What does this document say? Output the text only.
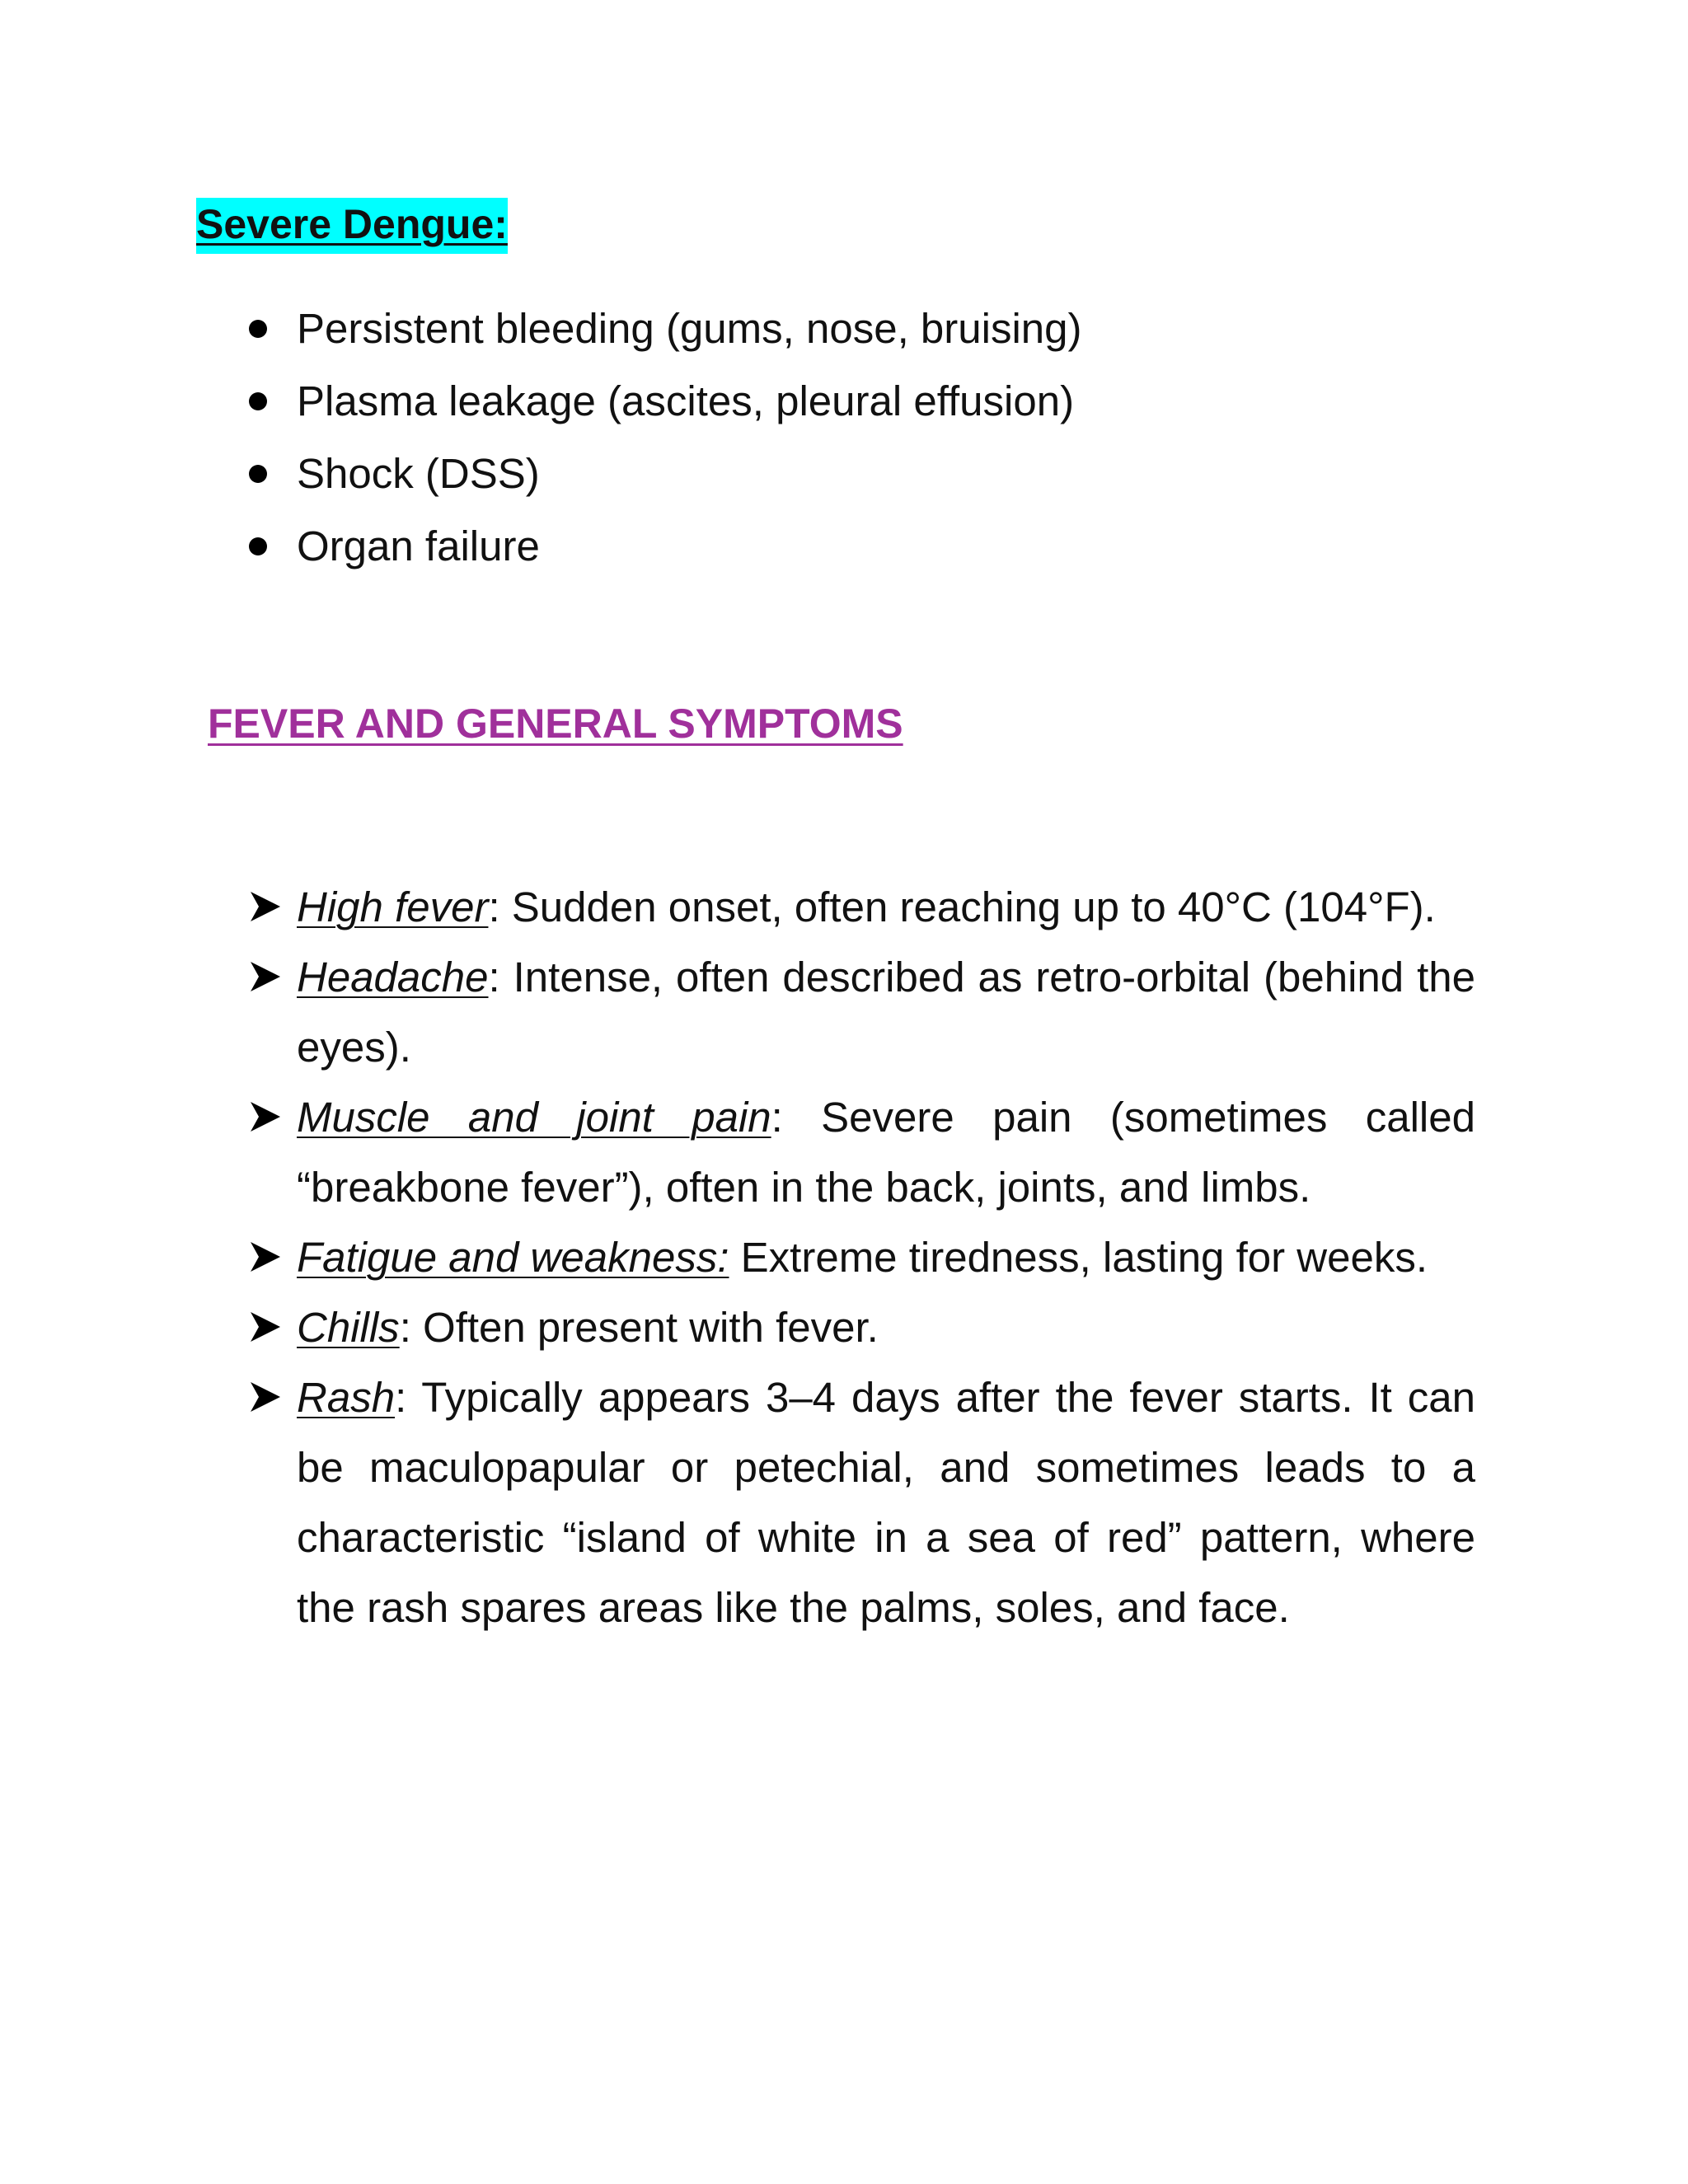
Severe Dengue:
Persistent bleeding (gums, nose, bruising)
Plasma leakage (ascites, pleural effusion)
Shock (DSS)
Organ failure
FEVER AND GENERAL SYMPTOMS
High fever: Sudden onset, often reaching up to 40°C (104°F).
Headache: Intense, often described as retro-orbital (behind the eyes).
Muscle and joint pain: Severe pain (sometimes called “breakbone fever”), often in the back, joints, and limbs.
Fatigue and weakness: Extreme tiredness, lasting for weeks.
Chills: Often present with fever.
Rash: Typically appears 3–4 days after the fever starts. It can be maculopapular or petechial, and sometimes leads to a characteristic “island of white in a sea of red” pattern, where the rash spares areas like the palms, soles, and face.
